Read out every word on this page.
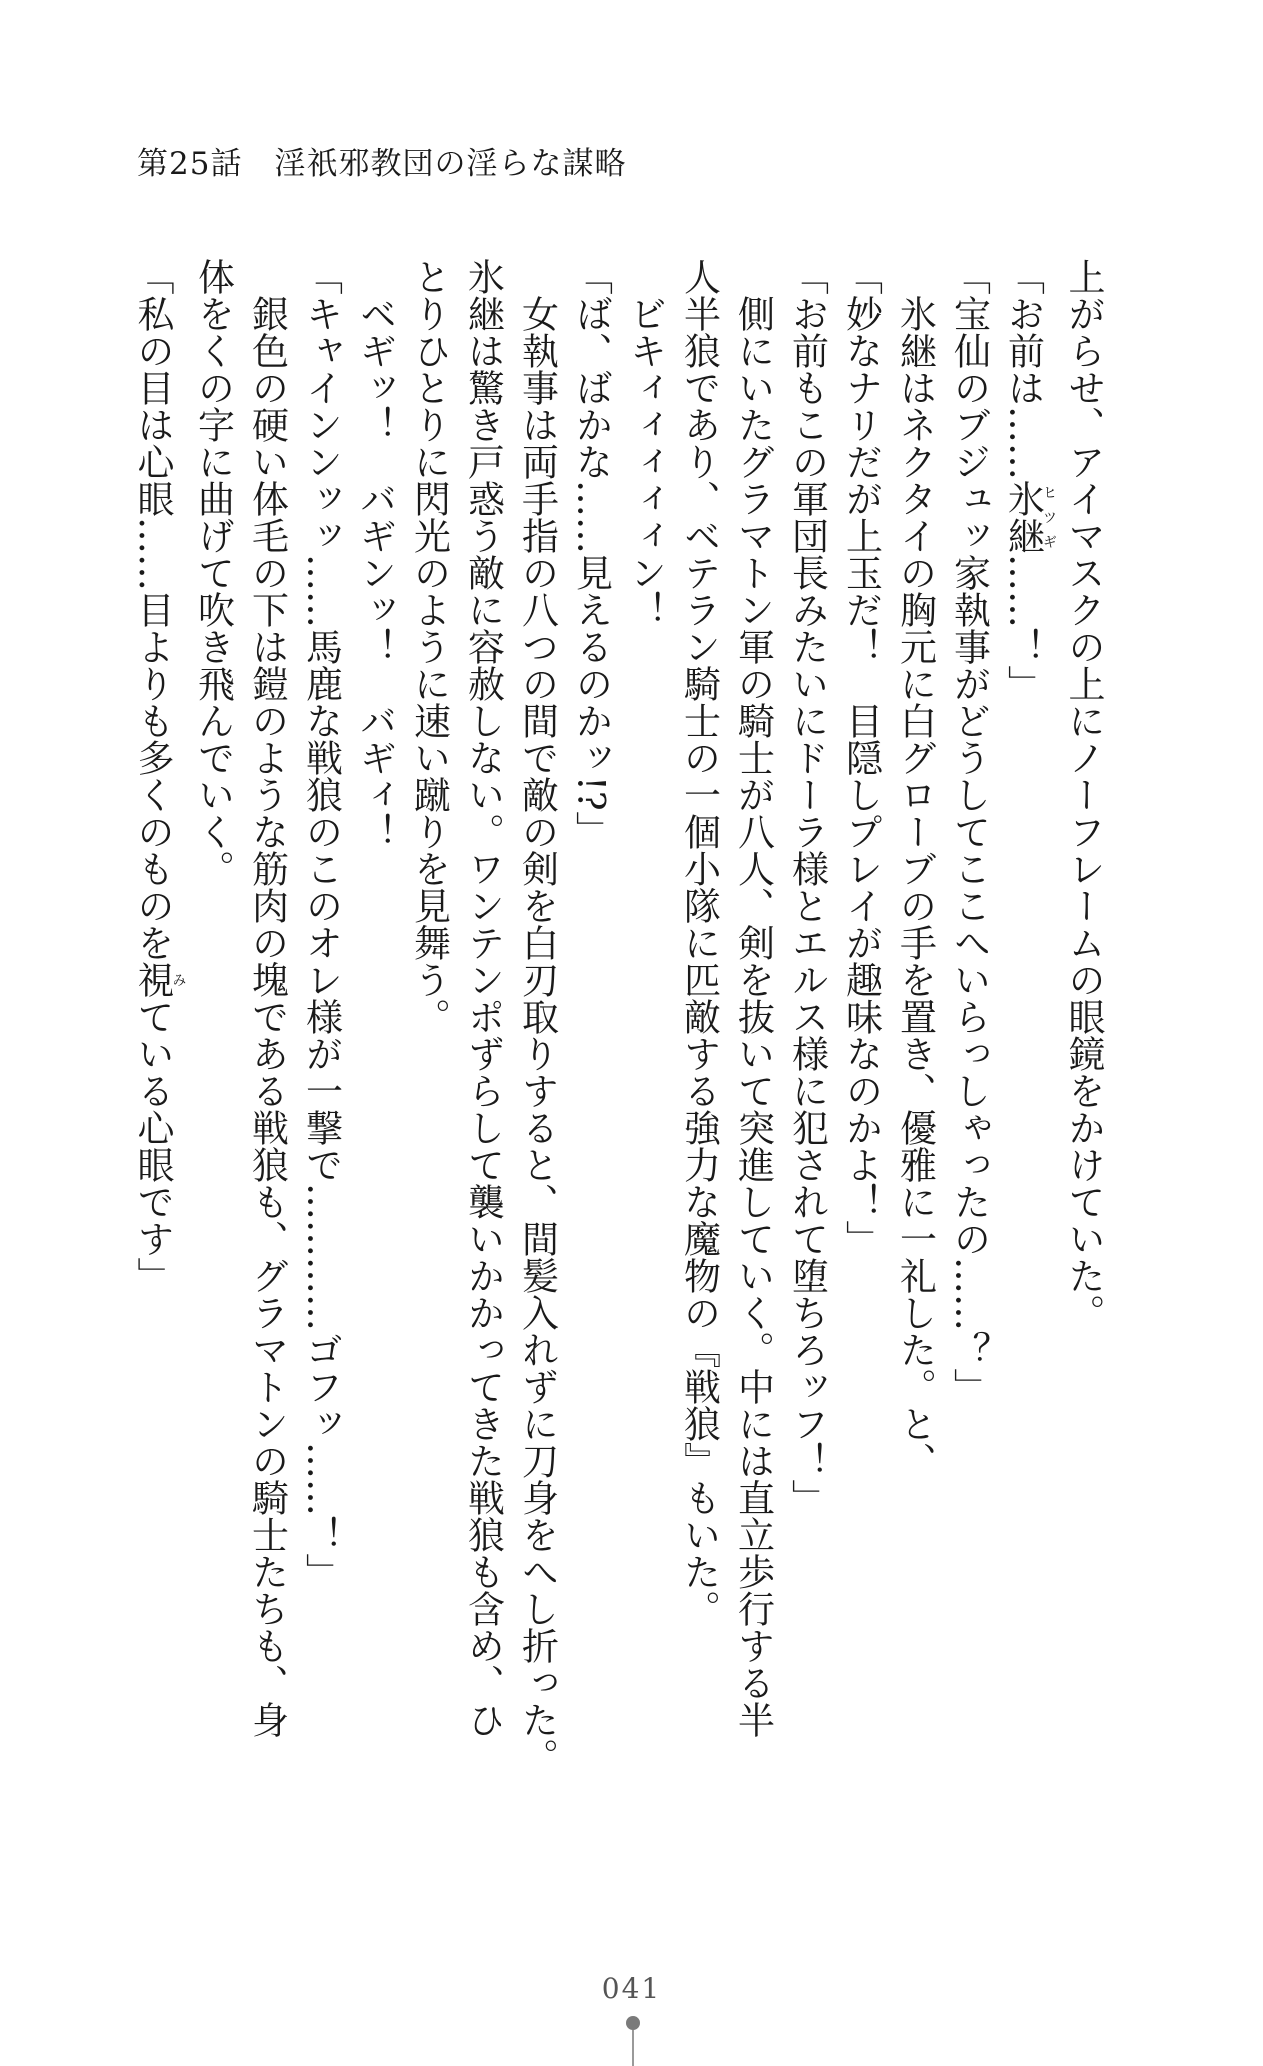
第25話　淫祇邪教団の淫らな謀略
上がらせ、アイマスクの上にノーフレームの眼鏡をかけていた。
「お前は……氷継ヒツギ……！」
「宝仙のブジュッ家執事がどうしてここへいらっしゃったの……？」
氷継はネクタイの胸元に白グローブの手を置き、優雅に一礼した。と、
「妙なナリだが上玉だ！　目隠しプレイが趣味なのかよ！」
「お前もこの軍団長みたいにドーラ様とエルス様に犯されて堕ちろッフ！」
側にいたグラマトン軍の騎士が八人、剣を抜いて突進していく。中には直立歩行する半
人半狼であり、ベテラン騎士の一個小隊に匹敵する強力な魔物の『戦狼』もいた。
ビキィィィィィン！
「ば、ばかな……見えるのかッ!?」
女執事は両手指の八つの間で敵の剣を白刃取りすると、間髪入れずに刀身をへし折った。
氷継は驚き戸惑う敵に容赦しない。ワンテンポずらして襲いかかってきた戦狼も含め、ひ
とりひとりに閃光のように速い蹴りを見舞う。
ベギッ！　バギンッ！　バギィ！
「キャインンッッ……馬鹿な戦狼のこのオレ様が一撃で…………ゴフッ……！」
銀色の硬い体毛の下は鎧のような筋肉の塊である戦狼も、グラマトンの騎士たちも、身
体をくの字に曲げて吹き飛んでいく。
「私の目は心眼……目よりも多くのものを視みている心眼です」
041
